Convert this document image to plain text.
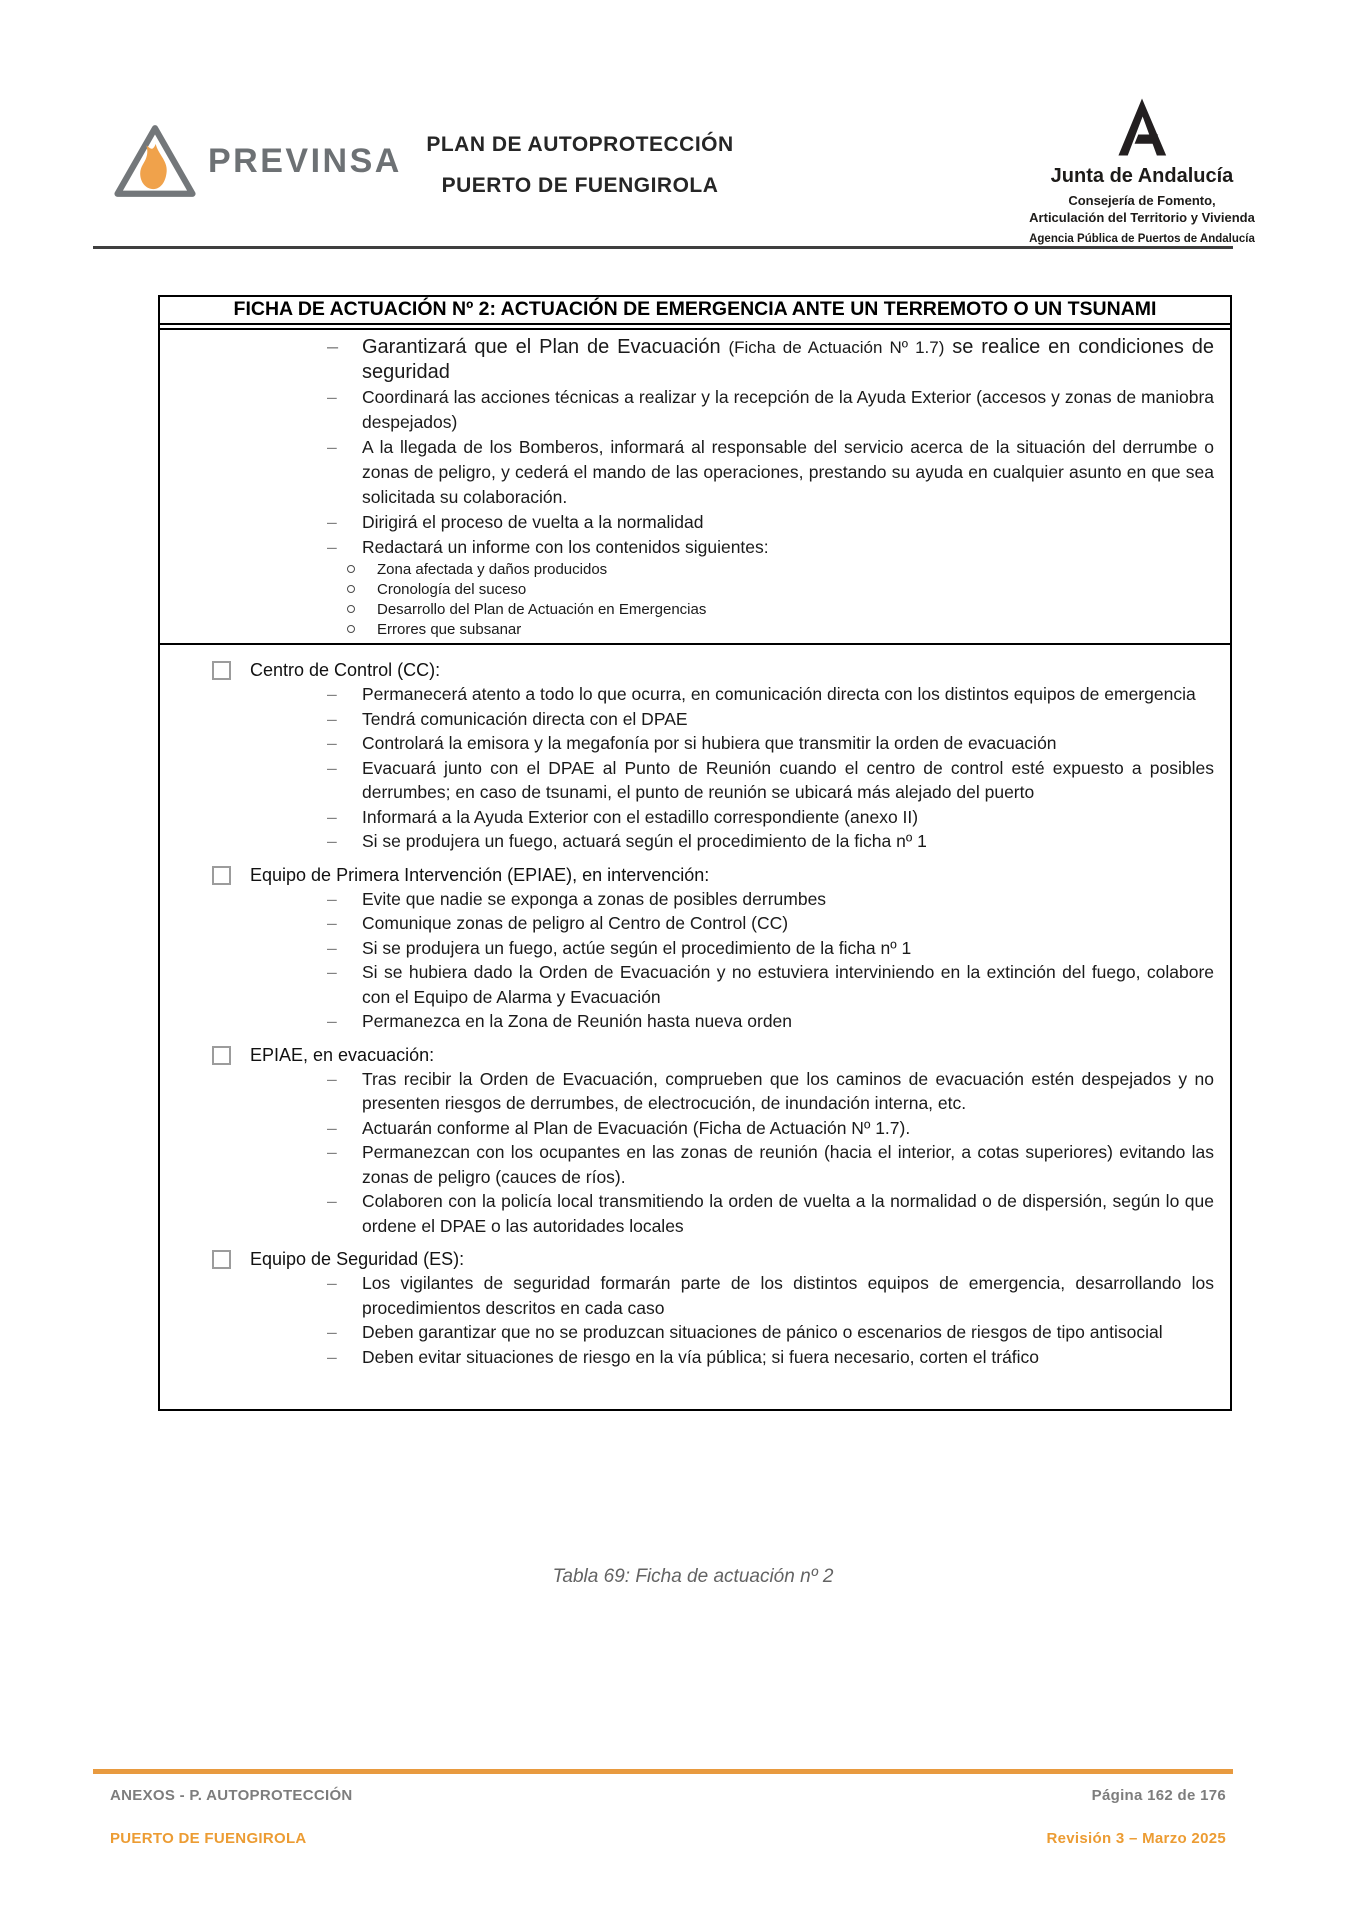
PREVINSA	PLAN DE AUTOPROTECCIÓN
PUERTO DE FUENGIROLA	Junta de Andalucía
Consejería de Fomento,
Articulación del Territorio y Vivienda
Agencia Pública de Puertos de Andalucía
FICHA DE ACTUACIÓN Nº 2: ACTUACIÓN DE EMERGENCIA ANTE UN TERREMOTO O UN TSUNAMI

– Garantizará que el Plan de Evacuación (Ficha de Actuación Nº 1.7) se realice en condiciones de seguridad

– Coordinará las acciones técnicas a realizar y la recepción de la Ayuda Exterior (accesos y zonas de maniobra despejados)

– A la llegada de los Bomberos, informará al responsable del servicio acerca de la situación del derrumbe o zonas de peligro, y cederá el mando de las operaciones, prestando su ayuda en cualquier asunto en que sea solicitada su colaboración.

– Dirigirá el proceso de vuelta a la normalidad

– Redactará un informe con los contenidos siguientes:

Zona afectada y daños producidos

Cronología del suceso

Desarrollo del Plan de Actuación en Emergencias

Errores que subsanar

Centro de Control (CC):

– Permanecerá atento a todo lo que ocurra, en comunicación directa con los distintos equipos de emergencia

– Tendrá comunicación directa con el DPAE

– Controlará la emisora y la megafonía por si hubiera que transmitir la orden de evacuación

– Evacuará junto con el DPAE al Punto de Reunión cuando el centro de control esté expuesto a posibles derrumbes; en caso de tsunami, el punto de reunión se ubicará más alejado del puerto

– Informará a la Ayuda Exterior con el estadillo correspondiente (anexo II)

– Si se produjera un fuego, actuará según el procedimiento de la ficha nº 1

Equipo de Primera Intervención (EPIAE), en intervención:

– Evite que nadie se exponga a zonas de posibles derrumbes

– Comunique zonas de peligro al Centro de Control (CC)

– Si se produjera un fuego, actúe según el procedimiento de la ficha nº 1

– Si se hubiera dado la Orden de Evacuación y no estuviera interviniendo en la extinción del fuego, colabore con el Equipo de Alarma y Evacuación

– Permanezca en la Zona de Reunión hasta nueva orden

EPIAE, en evacuación:

– Tras recibir la Orden de Evacuación, comprueben que los caminos de evacuación estén despejados y no presenten riesgos de derrumbes, de electrocución, de inundación interna, etc.

– Actuarán conforme al Plan de Evacuación (Ficha de Actuación Nº 1.7).

– Permanezcan con los ocupantes en las zonas de reunión (hacia el interior, a cotas superiores) evitando las zonas de peligro (cauces de ríos).

– Colaboren con la policía local transmitiendo la orden de vuelta a la normalidad o de dispersión, según lo que ordene el DPAE o las autoridades locales

Equipo de Seguridad (ES):

– Los vigilantes de seguridad formarán parte de los distintos equipos de emergencia, desarrollando los procedimientos descritos en cada caso

– Deben garantizar que no se produzcan situaciones de pánico o escenarios de riesgos de tipo antisocial

– Deben evitar situaciones de riesgo en la vía pública; si fuera necesario, corten el tráfico

Tabla 69: Ficha de actuación nº 2
ANEXOS - P. AUTOPROTECCIÓN	Página 162 de 176
PUERTO DE FUENGIROLA	Revisión 3 – Marzo 2025
